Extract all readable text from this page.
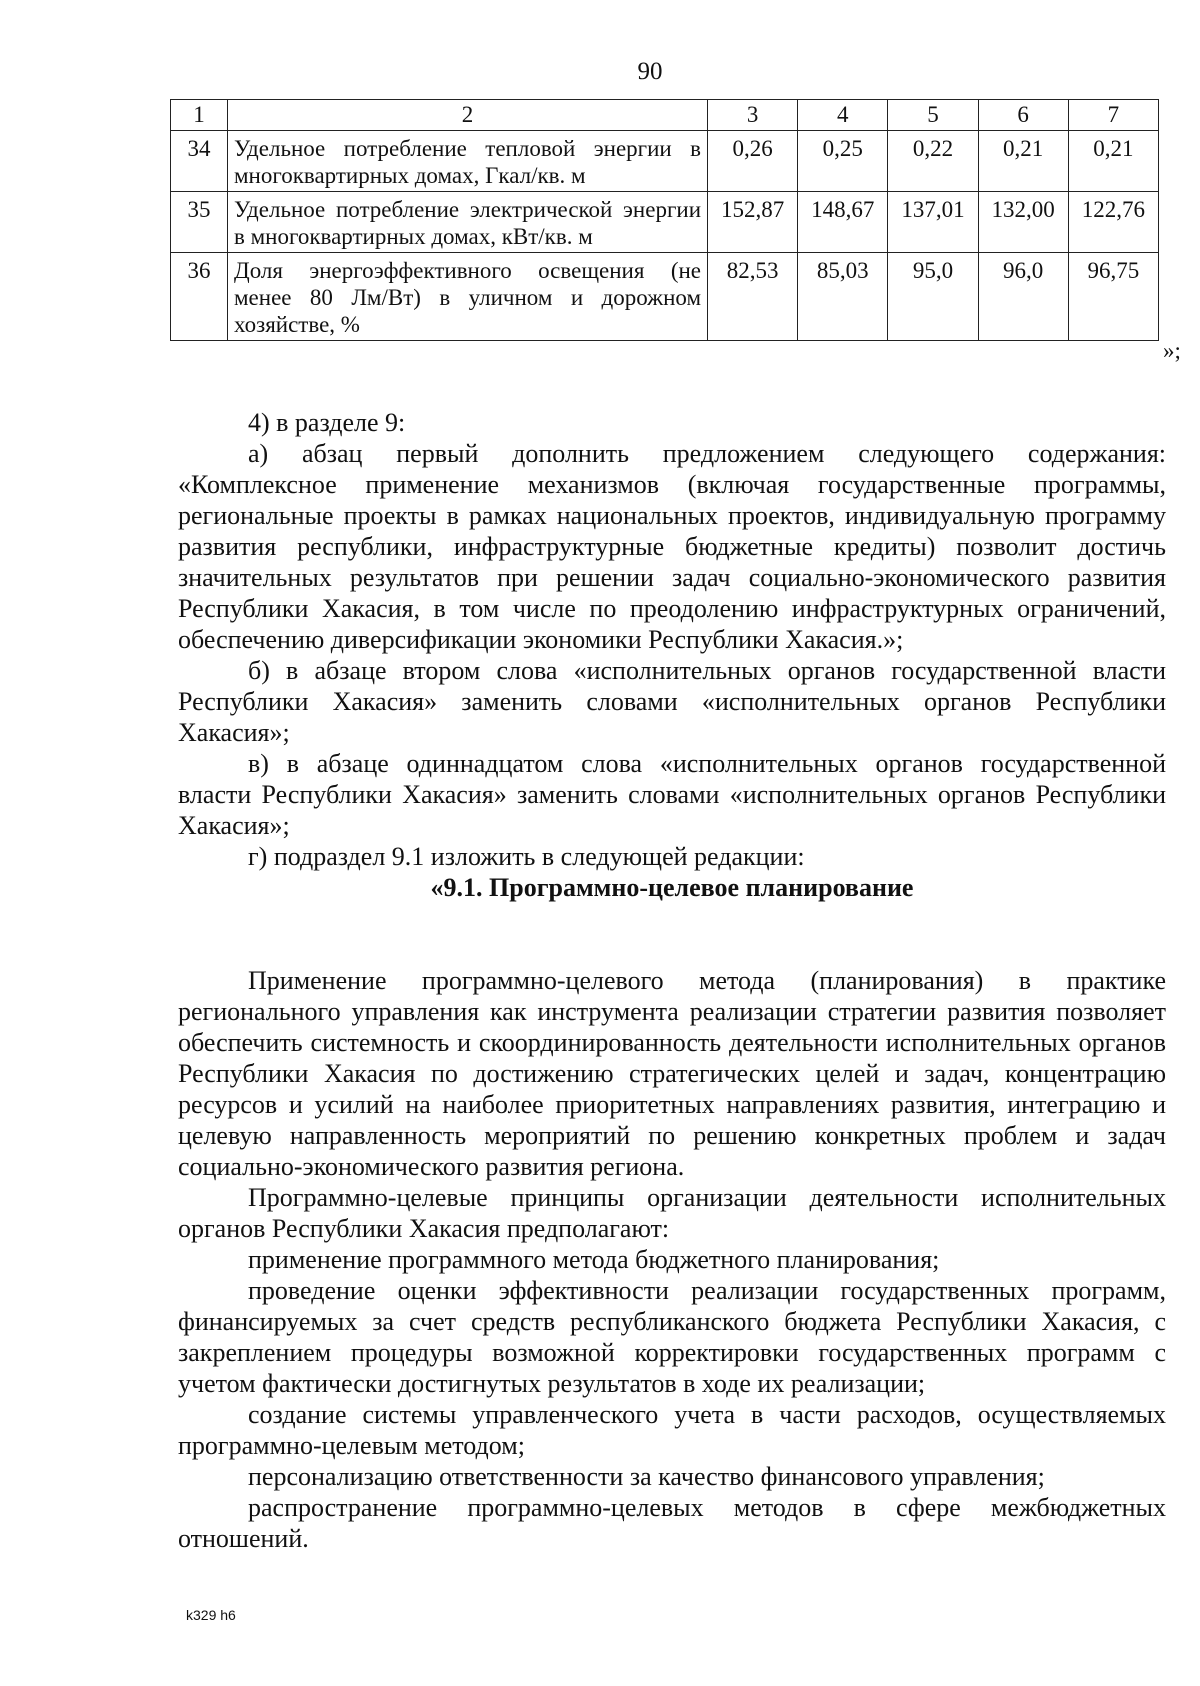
90
1	2	3	4	5	6	7
34	Удельное потребление тепловой энергии в многоквартирных домах, Гкал/кв. м	0,26	0,25	0,22	0,21	0,21
35	Удельное потребление электрической энергии в многоквартирных домах, кВт/кв. м	152,87	148,67	137,01	132,00	122,76
36	Доля энергоэффективного освещения (не менее 80 Лм/Вт) в уличном и дорожном хозяйстве, %	82,53	85,03	95,0	96,0	96,75
»;

4) в разделе 9:

а) абзац первый дополнить предложением следующего содержания: «Комплексное применение механизмов (включая государственные программы, региональные проекты в рамках национальных проектов, индивидуальную программу развития республики, инфраструктурные бюджетные кредиты) позволит достичь значительных результатов при решении задач социально-экономического развития Республики Хакасия, в том числе по преодолению инфраструктурных ограничений, обеспечению диверсификации экономики Республики Хакасия.»;

б) в абзаце втором слова «исполнительных органов государственной власти Республики Хакасия» заменить словами «исполнительных органов Республики Хакасия»;

в) в абзаце одиннадцатом слова «исполнительных органов государственной власти Республики Хакасия» заменить словами «исполнительных органов Республики Хакасия»;

г) подраздел 9.1 изложить в следующей редакции:

«9.1. Программно-целевое планирование

Применение программно-целевого метода (планирования) в практике регионального управления как инструмента реализации стратегии развития позволяет обеспечить системность и скоординированность деятельности исполнительных органов Республики Хакасия по достижению стратегических целей и задач, концентрацию ресурсов и усилий на наиболее приоритетных направлениях развития, интеграцию и целевую направленность мероприятий по решению конкретных проблем и задач социально-экономического развития региона.

Программно-целевые принципы организации деятельности исполнительных органов Республики Хакасия предполагают:

применение программного метода бюджетного планирования;

проведение оценки эффективности реализации государственных программ, финансируемых за счет средств республиканского бюджета Республики Хакасия, с закреплением процедуры возможной корректировки государственных программ с учетом фактически достигнутых результатов в ходе их реализации;

создание системы управленческого учета в части расходов, осуществляемых программно-целевым методом;

персонализацию ответственности за качество финансового управления;

распространение программно-целевых методов в сфере межбюджетных отношений.

k329 h6
